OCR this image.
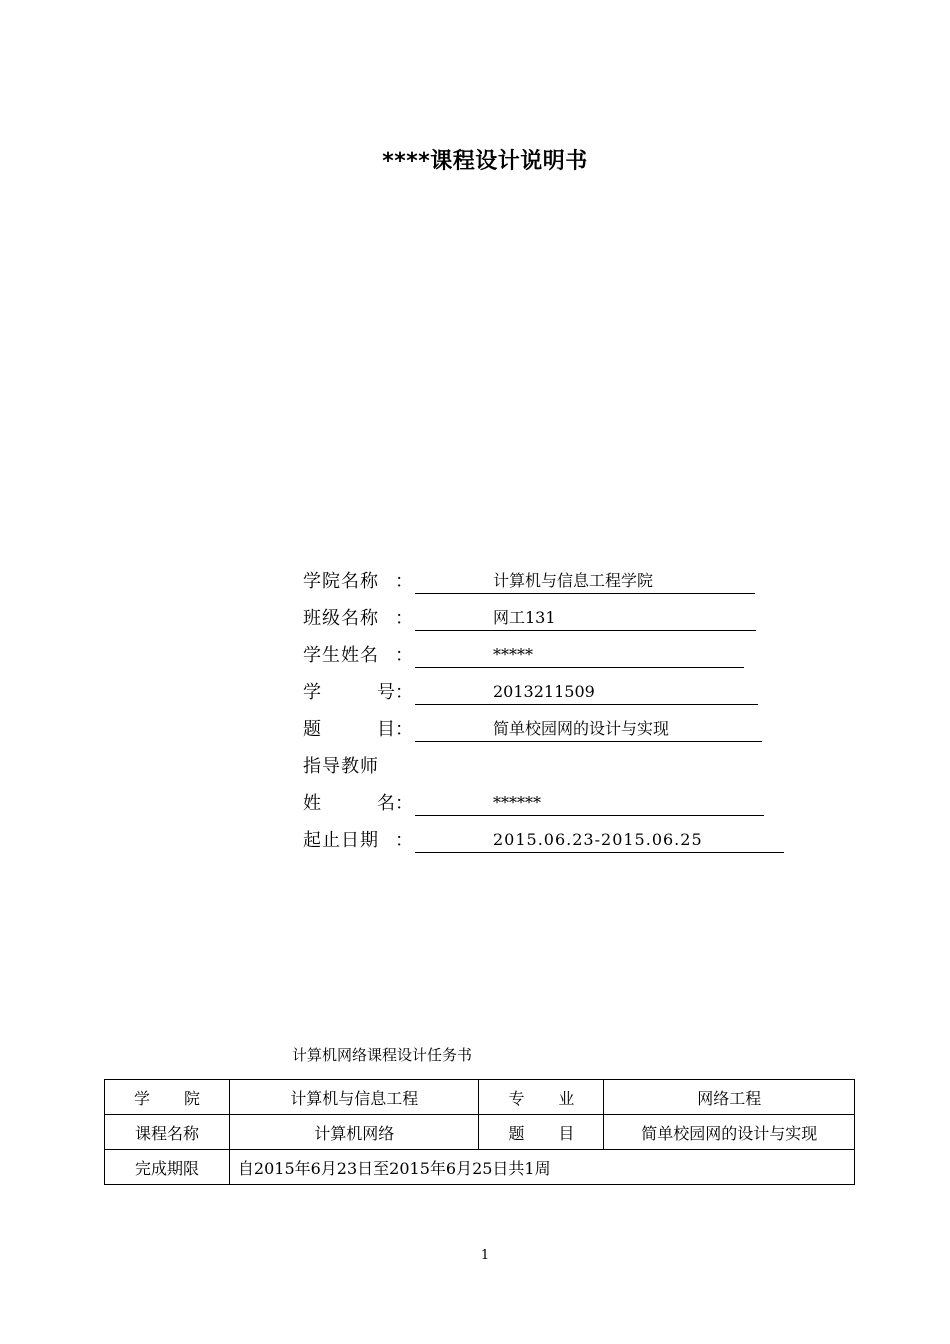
****课程设计说明书
学院名称 ：	计算机与信息工程学院
班级名称 ：	网工131
学生姓名 ：	*****
学	号 ：	2013211509
题	目 ：	简单校园网的设计与实现
指导教师
姓	名 ：	******
起止日期 ：	2015.06.23-2015.06.25
计算机网络课程设计任务书
学 院	计算机与信息工程	专 业	网络工程
课程名称	计算机网络	题 目	简单校园网的设计与实现
完成期限	自2015年6月23日至2015年6月25日共1周		
1
